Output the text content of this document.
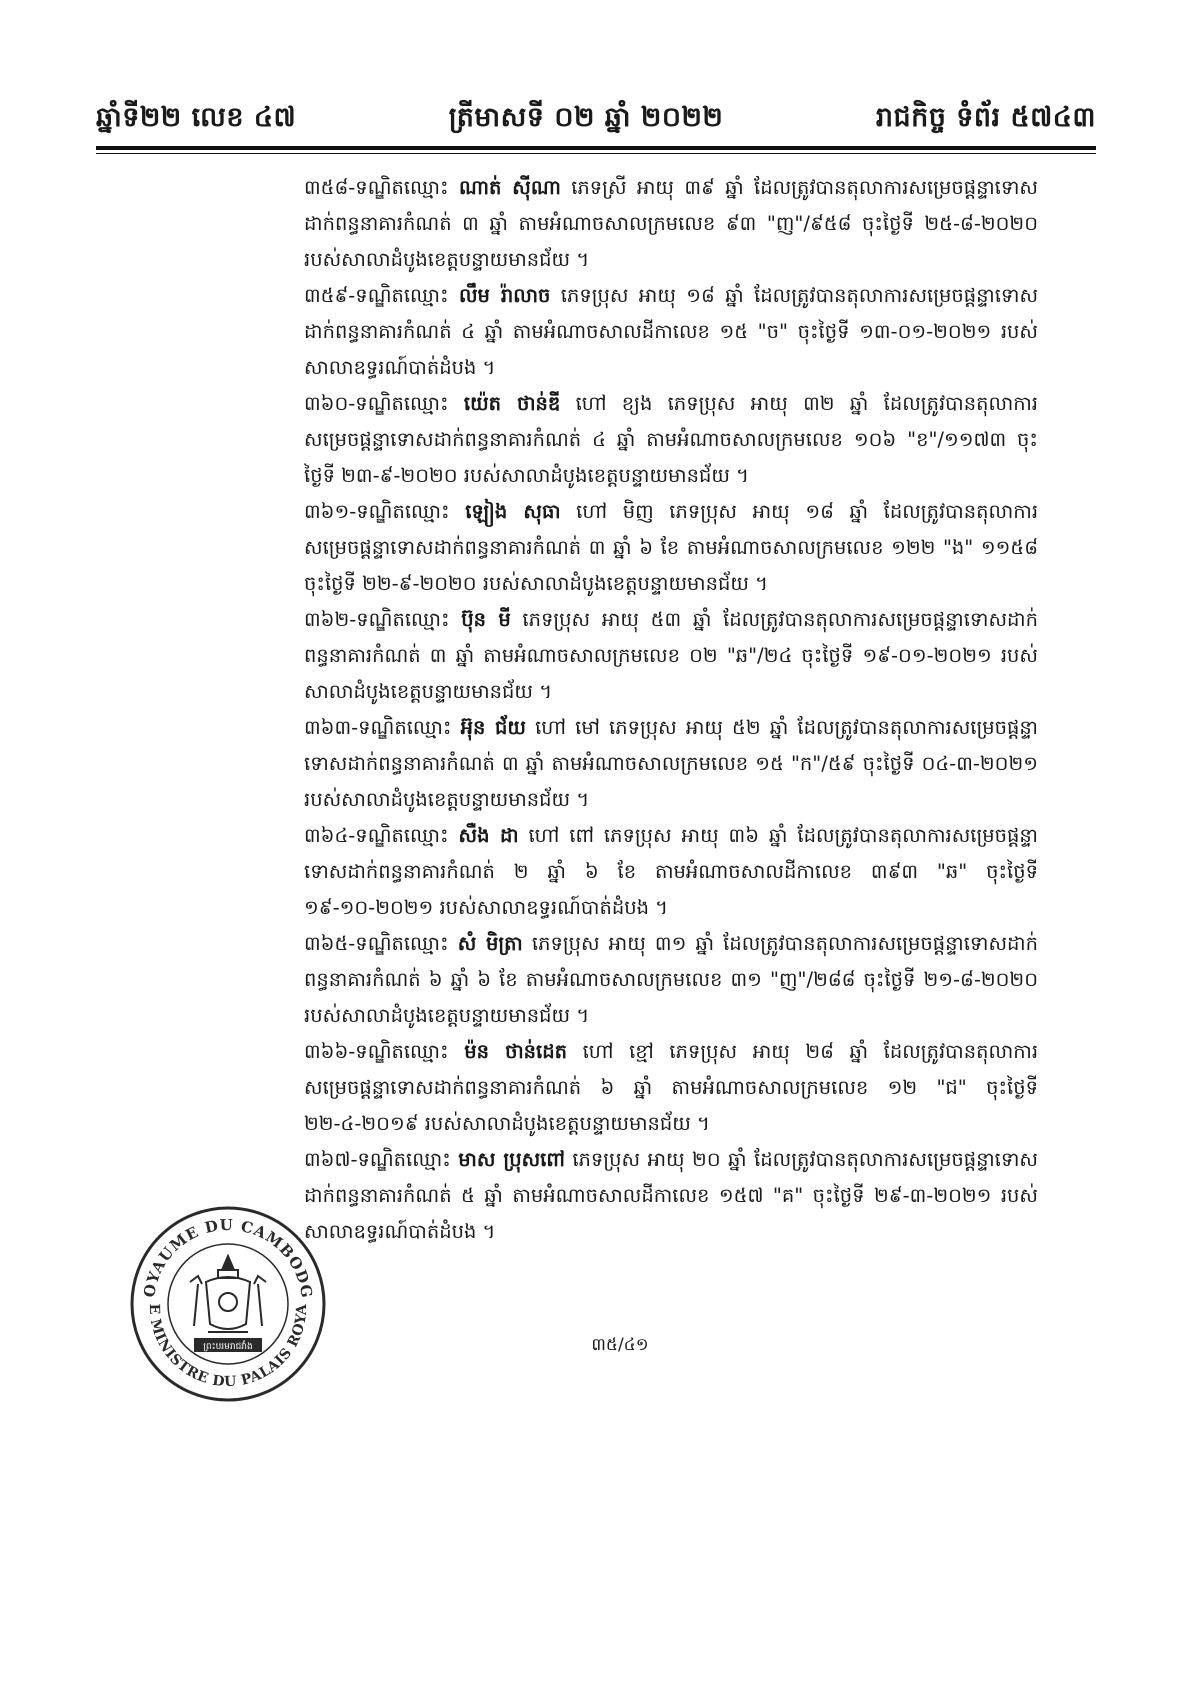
ឆ្នាំទី២២ លេខ ៤៧	ត្រីមាសទី ០២ ឆ្នាំ ២០២២	រាជកិច្ច ទំព័រ ៥៧៤៣

៣៥៨-ទណ្ឌិតឈ្មោះ ណាត់ ស៊ីណា ភេទស្រី អាយុ ៣៩ ឆ្នាំ ដែលត្រូវបានតុលាការសម្រេចផ្តន្ទាទោសដាក់ពន្ធនាគារកំណត់ ៣ ឆ្នាំ តាមអំណាចសាលក្រមលេខ ៩៣ "ញ"/៩៥៨ ចុះថ្ងៃទី ២៥-៨-២០២០ របស់សាលាដំបូងខេត្តបន្ទាយមានជ័យ ។

៣៥៩-ទណ្ឌិតឈ្មោះ លឹម រ៉ាលាច ភេទប្រុស អាយុ ១៨ ឆ្នាំ ដែលត្រូវបានតុលាការសម្រេចផ្តន្ទាទោសដាក់ពន្ធនាគារកំណត់ ៤ ឆ្នាំ តាមអំណាចសាលដីកាលេខ ១៥ "ច" ចុះថ្ងៃទី ១៣-០១-២០២១ របស់សាលាឧទ្ធរណ៍បាត់ដំបង ។

៣៦០-ទណ្ឌិតឈ្មោះ យ៉េត ថាន់ឌី ហៅ ខ្យង ភេទប្រុស អាយុ ៣២ ឆ្នាំ ដែលត្រូវបានតុលាការសម្រេចផ្តន្ទាទោសដាក់ពន្ធនាគារកំណត់ ៤ ឆ្នាំ តាមអំណាចសាលក្រមលេខ ១០៦ "ខ"/១១៧៣ ចុះថ្ងៃទី ២៣-៩-២០២០ របស់សាលាដំបូងខេត្តបន្ទាយមានជ័យ ។

៣៦១-ទណ្ឌិតឈ្មោះ ឡៀង សុធា ហៅ មិញ ភេទប្រុស អាយុ ១៨ ឆ្នាំ ដែលត្រូវបានតុលាការសម្រេចផ្តន្ទាទោសដាក់ពន្ធនាគារកំណត់ ៣ ឆ្នាំ ៦ ខែ តាមអំណាចសាលក្រមលេខ ១២២ "ង" ១១៥៨ ចុះថ្ងៃទី ២២-៩-២០២០ របស់សាលាដំបូងខេត្តបន្ទាយមានជ័យ ។

៣៦២-ទណ្ឌិតឈ្មោះ ប៊ុន មី ភេទប្រុស អាយុ ៥៣ ឆ្នាំ ដែលត្រូវបានតុលាការសម្រេចផ្តន្ទាទោសដាក់ពន្ធនាគារកំណត់ ៣ ឆ្នាំ តាមអំណាចសាលក្រមលេខ ០២ "ឆ"/២៤ ចុះថ្ងៃទី ១៩-០១-២០២១ របស់សាលាដំបូងខេត្តបន្ទាយមានជ័យ ។

៣៦៣-ទណ្ឌិតឈ្មោះ អ៊ុន ជ័យ ហៅ មៅ ភេទប្រុស អាយុ ៥២ ឆ្នាំ ដែលត្រូវបានតុលាការសម្រេចផ្តន្ទាទោសដាក់ពន្ធនាគារកំណត់ ៣ ឆ្នាំ តាមអំណាចសាលក្រមលេខ ១៥ "ក"/៥៩ ចុះថ្ងៃទី ០៤-៣-២០២១ របស់សាលាដំបូងខេត្តបន្ទាយមានជ័យ ។

៣៦៤-ទណ្ឌិតឈ្មោះ សឺង ដា ហៅ ពៅ ភេទប្រុស អាយុ ៣៦ ឆ្នាំ ដែលត្រូវបានតុលាការសម្រេចផ្តន្ទាទោសដាក់ពន្ធនាគារកំណត់ ២ ឆ្នាំ ៦ ខែ តាមអំណាចសាលដីកាលេខ ៣៩៣ "ឆ" ចុះថ្ងៃទី ១៩-១០-២០២១ របស់សាលាឧទ្ធរណ៍បាត់ដំបង ។

៣៦៥-ទណ្ឌិតឈ្មោះ សំ មិត្រា ភេទប្រុស អាយុ ៣១ ឆ្នាំ ដែលត្រូវបានតុលាការសម្រេចផ្តន្ទាទោសដាក់ពន្ធនាគារកំណត់ ៦ ឆ្នាំ ៦ ខែ តាមអំណាចសាលក្រមលេខ ៣១ "ញ"/២៨៨ ចុះថ្ងៃទី ២១-៨-២០២០ របស់សាលាដំបូងខេត្តបន្ទាយមានជ័យ ។

៣៦៦-ទណ្ឌិតឈ្មោះ ម៉ន ថាន់ដេត ហៅ ខ្មៅ ភេទប្រុស អាយុ ២៨ ឆ្នាំ ដែលត្រូវបានតុលាការសម្រេចផ្តន្ទាទោសដាក់ពន្ធនាគារកំណត់ ៦ ឆ្នាំ តាមអំណាចសាលក្រមលេខ ១២ "ជ" ចុះថ្ងៃទី ២២-៤-២០១៩ របស់សាលាដំបូងខេត្តបន្ទាយមានជ័យ ។

៣៦៧-ទណ្ឌិតឈ្មោះ មាស ប្រុសពៅ ភេទប្រុស អាយុ ២០ ឆ្នាំ ដែលត្រូវបានតុលាការសម្រេចផ្តន្ទាទោសដាក់ពន្ធនាគារកំណត់ ៥ ឆ្នាំ តាមអំណាចសាលដីកាលេខ ១៥៧ "គ" ចុះថ្ងៃទី ២៩-៣-២០២១ របស់សាលាឧទ្ធរណ៍បាត់ដំបង ។

OYAUME DU CAMBODG
E MINISTRE DU PALAIS ROYA
ព្រះបរមរាជវាំង	៣៥/៤១
